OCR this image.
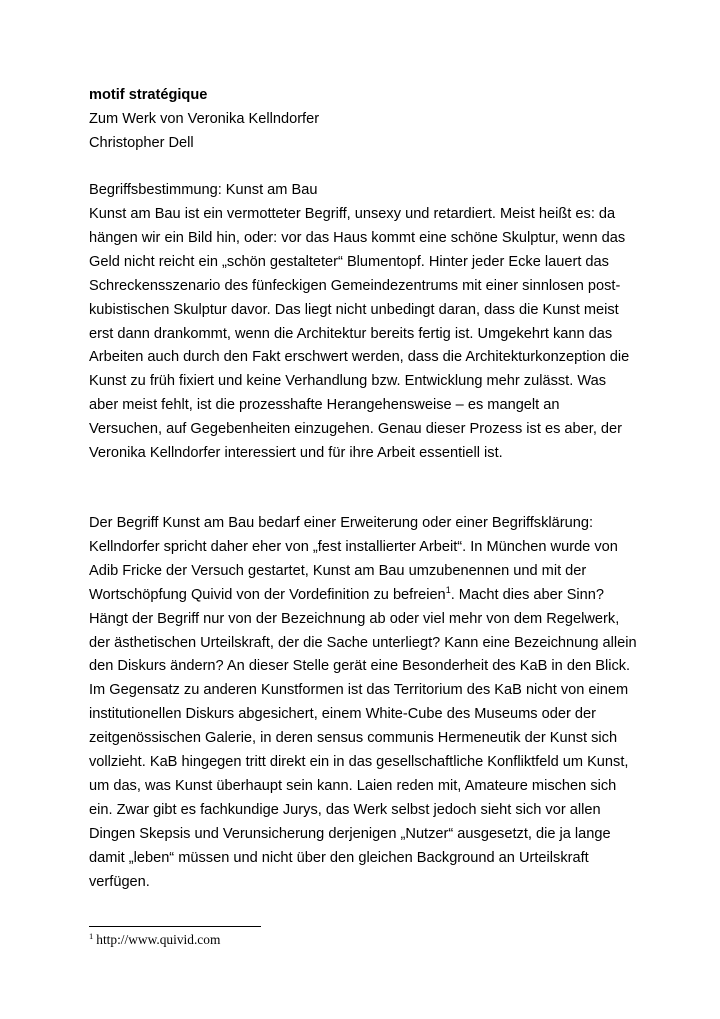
motif stratégique

Zum Werk von Veronika Kellndorfer

Christopher Dell

Begriffsbestimmung: Kunst am Bau

Kunst am Bau ist ein vermotteter Begriff, unsexy und retardiert. Meist heißt es: da
hängen wir ein Bild hin, oder: vor das Haus kommt eine schöne Skulptur, wenn das
Geld nicht reicht ein „schön gestalteter“ Blumentopf. Hinter jeder Ecke lauert das
Schreckensszenario des fünfeckigen Gemeindezentrums mit einer sinnlosen post-
kubistischen Skulptur davor. Das liegt nicht unbedingt daran, dass die Kunst meist
erst dann drankommt, wenn die Architektur bereits fertig ist. Umgekehrt kann das
Arbeiten auch durch den Fakt erschwert werden, dass die Architekturkonzeption die
Kunst zu früh fixiert und keine Verhandlung bzw. Entwicklung mehr zulässt. Was
aber meist fehlt, ist die prozesshafte Herangehensweise – es mangelt an
Versuchen, auf Gegebenheiten einzugehen. Genau dieser Prozess ist es aber, der
Veronika Kellndorfer interessiert und für ihre Arbeit essentiell ist.
Der Begriff Kunst am Bau bedarf einer Erweiterung oder einer Begriffsklärung:
Kellndorfer spricht daher eher von „fest installierter Arbeit“. In München wurde von
Adib Fricke der Versuch gestartet, Kunst am Bau umzubenennen und mit der
Wortschöpfung Quivid von der Vordefinition zu befreien$^1$. Macht dies aber Sinn?
Hängt der Begriff nur von der Bezeichnung ab oder viel mehr von dem Regelwerk,
der ästhetischen Urteilskraft, der die Sache unterliegt? Kann eine Bezeichnung allein
den Diskurs ändern? An dieser Stelle gerät eine Besonderheit des KaB in den Blick.
Im Gegensatz zu anderen Kunstformen ist das Territorium des KaB nicht von einem
institutionellen Diskurs abgesichert, einem White-Cube des Museums oder der
zeitgenössischen Galerie, in deren sensus communis Hermeneutik der Kunst sich
vollzieht. KaB hingegen tritt direkt ein in das gesellschaftliche Konfliktfeld um Kunst,
um das, was Kunst überhaupt sein kann. Laien reden mit, Amateure mischen sich
ein. Zwar gibt es fachkundige Jurys, das Werk selbst jedoch sieht sich vor allen
Dingen Skepsis und Verunsicherung derjenigen „Nutzer“ ausgesetzt, die ja lange
damit „leben“ müssen und nicht über den gleichen Background an Urteilskraft
verfügen.
$^1$ http://www.quivid.com
